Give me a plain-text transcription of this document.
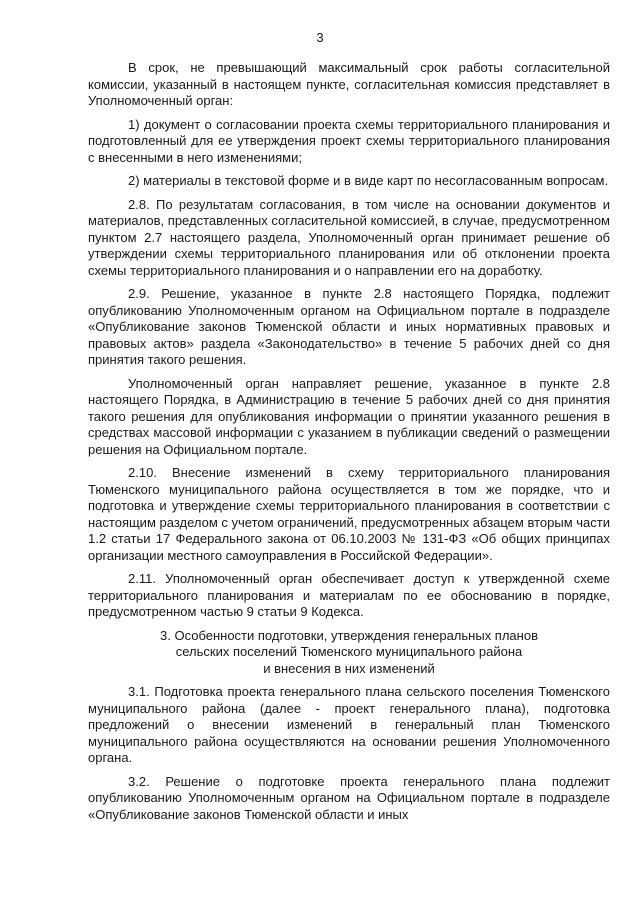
3

В срок, не превышающий максимальный срок работы согласительной комиссии, указанный в настоящем пункте, согласительная комиссия представляет в Уполномоченный орган:

1) документ о согласовании проекта схемы территориального планирования и подготовленный для ее утверждения проект схемы территориального планирования с внесенными в него изменениями;

2) материалы в текстовой форме и в виде карт по несогласованным вопросам.

2.8. По результатам согласования, в том числе на основании документов и материалов, представленных согласительной комиссией, в случае, предусмотренном пунктом 2.7 настоящего раздела, Уполномоченный орган принимает решение об утверждении схемы территориального планирования или об отклонении проекта схемы территориального планирования и о направлении его на доработку.

2.9. Решение, указанное в пункте 2.8 настоящего Порядка, подлежит опубликованию Уполномоченным органом на Официальном портале в подразделе «Опубликование законов Тюменской области и иных нормативных правовых и правовых актов» раздела «Законодательство» в течение 5 рабочих дней со дня принятия такого решения.

Уполномоченный орган направляет решение, указанное в пункте 2.8 настоящего Порядка, в Администрацию в течение 5 рабочих дней со дня принятия такого решения для опубликования информации о принятии указанного решения в средствах массовой информации с указанием в публикации сведений о размещении решения на Официальном портале.

2.10. Внесение изменений в схему территориального планирования Тюменского муниципального района осуществляется в том же порядке, что и подготовка и утверждение схемы территориального планирования в соответствии с настоящим разделом с учетом ограничений, предусмотренных абзацем вторым части 1.2 статьи 17 Федерального закона от 06.10.2003 № 131-ФЗ «Об общих принципах организации местного самоуправления в Российской Федерации».

2.11. Уполномоченный орган обеспечивает доступ к утвержденной схеме территориального планирования и материалам по ее обоснованию в порядке, предусмотренном частью 9 статьи 9 Кодекса.

3. Особенности подготовки, утверждения генеральных планов
сельских поселений Тюменского муниципального района
и внесения в них изменений

3.1. Подготовка проекта генерального плана сельского поселения Тюменского муниципального района (далее - проект генерального плана), подготовка предложений о внесении изменений в генеральный план Тюменского муниципального района осуществляются на основании решения Уполномоченного органа.

3.2. Решение о подготовке проекта генерального плана подлежит опубликованию Уполномоченным органом на Официальном портале в подразделе «Опубликование законов Тюменской области и иных
